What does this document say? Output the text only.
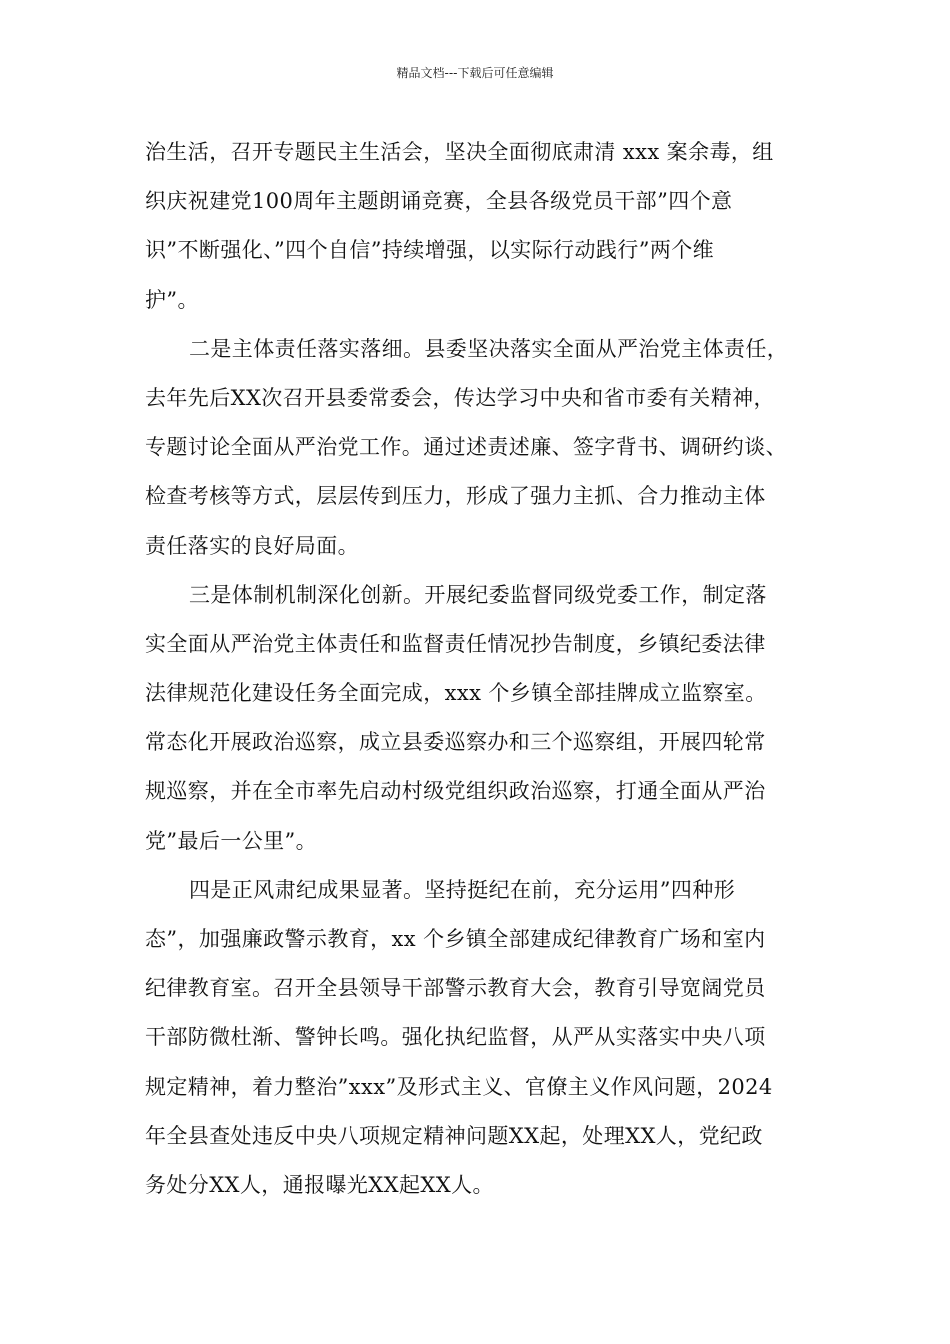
精品文档---下载后可任意编辑
治生活，召开专题民主生活会，坚决全面彻底肃清 xxx 案余毒，组
织庆祝建党100周年主题朗诵竞赛，全县各级党员干部”四个意
识”不断强化、”四个自信”持续增强，以实际行动践行”两个维
护”。
二是主体责任落实落细。县委坚决落实全面从严治党主体责任，
去年先后XX次召开县委常委会，传达学习中央和省市委有关精神，
专题讨论全面从严治党工作。通过述责述廉、签字背书、调研约谈、
检查考核等方式，层层传到压力，形成了强力主抓、合力推动主体
责任落实的良好局面。
三是体制机制深化创新。开展纪委监督同级党委工作，制定落
实全面从严治党主体责任和监督责任情况抄告制度，乡镇纪委法律
法律规范化建设任务全面完成，xxx 个乡镇全部挂牌成立监察室。
常态化开展政治巡察，成立县委巡察办和三个巡察组，开展四轮常
规巡察，并在全市率先启动村级党组织政治巡察，打通全面从严治
党”最后一公里”。
四是正风肃纪成果显著。坚持挺纪在前，充分运用”四种形
态”，加强廉政警示教育，xx 个乡镇全部建成纪律教育广场和室内
纪律教育室。召开全县领导干部警示教育大会，教育引导宽阔党员
干部防微杜渐、警钟长鸣。强化执纪监督，从严从实落实中央八项
规定精神，着力整治”xxx”及形式主义、官僚主义作风问题，2024
年全县查处违反中央八项规定精神问题XX起，处理XX人，党纪政
务处分XX人，通报曝光XX起XX人。
